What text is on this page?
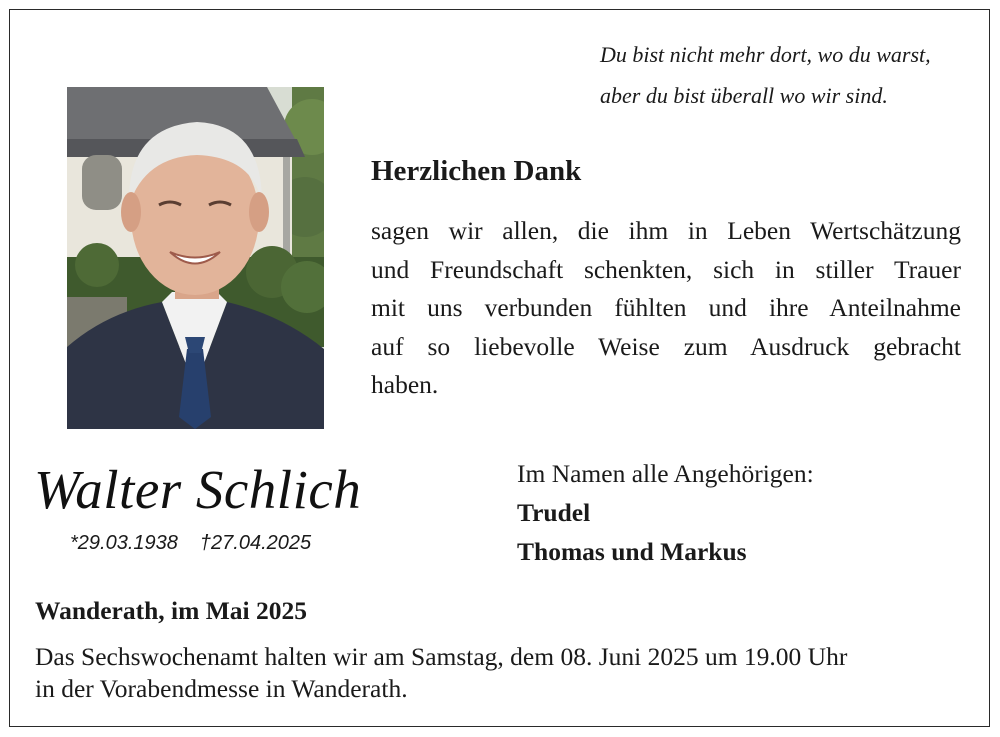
Du bist nicht mehr dort, wo du warst,
aber du bist überall wo wir sind.
Herzlichen Dank
sagen wir allen, die ihm in Leben Wertschätzung
und Freundschaft schenkten, sich in stiller Trauer
mit uns verbunden fühlten und ihre Anteilnahme
auf so liebevolle Weise zum Ausdruck gebracht
haben.
Walter Schlich
*29.03.1938 †27.04.2025
Im Namen alle Angehörigen:
Trudel
Thomas und Markus
Wanderath, im Mai 2025
Das Sechswochenamt halten wir am Samstag, dem 08. Juni 2025 um 19.00 Uhr
in der Vorabendmesse in Wanderath.
